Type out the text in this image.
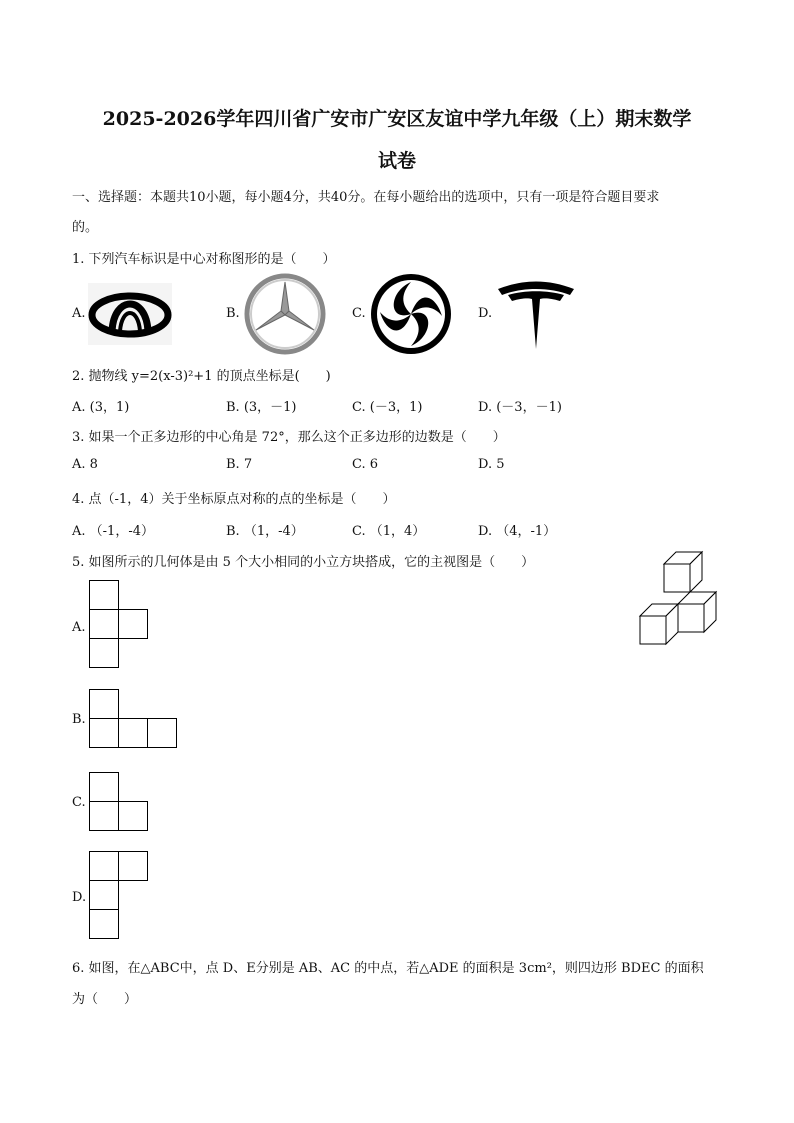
2025-2026学年四川省广安市广安区友谊中学九年级（上）期末数学
试卷
一、选择题：本题共10小题，每小题4分，共40分。在每小题给出的选项中，只有一项是符合题目要求
的。
1. 下列汽车标识是中心对称图形的是（　　）
A.	B.	C.	D.
2. 抛物线 y=2(x-3)²+1 的顶点坐标是(　　)
A. (3，1)	B. (3，－1)	C. (－3，1)	D. (－3，－1)
3. 如果一个正多边形的中心角是 72°，那么这个正多边形的边数是（　　）
A. 8	B. 7	C. 6	D. 5
4. 点（-1，4）关于坐标原点对称的点的坐标是（　　）
A. （-1，-4）	B. （1，-4）	C. （1，4）	D. （4，-1）
5. 如图所示的几何体是由 5 个大小相同的小立方块搭成，它的主视图是（　　）
A.
B.
C.
D.
6. 如图，在△ABC中，点 D、E分别是 AB、AC 的中点，若△ADE 的面积是 3cm²，则四边形 BDEC 的面积
为（　　）
